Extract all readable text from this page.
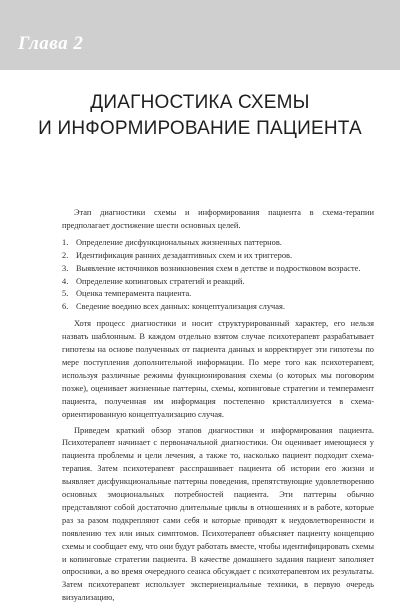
Глава 2
ДИАГНОСТИКА СХЕМЫ
И ИНФОРМИРОВАНИЕ ПАЦИЕНТА

Этап диагностики схемы и информирования пациента в схема-терапии предполагает достижение шести основных целей.

1. Определение дисфункциональных жизненных паттернов.
2. Идентификация ранних дезадаптивных схем и их триггеров.
3. Выявление источников возникновения схем в детстве и подростковом возрасте.
4. Определение копинговых стратегий и реакций.
5. Оценка темперамента пациента.
6. Сведение воедино всех данных: концептуализация случая.

Хотя процесс диагностики и носит структурированный характер, его нельзя назвать шаблонным. В каждом отдельно взятом случае психотерапевт разрабатывает гипотезы на основе полученных от пациента данных и корректирует эти гипотезы по мере поступления дополнительной информации. По мере того как психотерапевт, используя различные режимы функционирования схемы (о которых мы поговорим позже), оценивает жизненные паттерны, схемы, копинговые стратегии и темперамент пациента, полученная им информация постепенно кристаллизуется в схема-ориентированную концептуализацию случая.

Приведем краткий обзор этапов диагностики и информирования пациента. Психотерапевт начинает с первоначальной диагностики. Он оценивает имеющиеся у пациента проблемы и цели лечения, а также то, насколько пациент подходит схема-терапия. Затем психотерапевт расспрашивает пациента об истории его жизни и выявляет дисфункциональные паттерны поведения, препятствующие удовлетворению основных эмоциональных потребностей пациента. Эти паттерны обычно представляют собой достаточно длительные циклы в отношениях и в работе, которые раз за разом подкрепляют сами себя и которые приводят к неудовлетворенности и появлению тех или иных симптомов. Психотерапевт объясняет пациенту концепцию схемы и сообщает ему, что они будут работать вместе, чтобы идентифицировать схемы и копинговые стратегии пациента. В качестве домашнего задания пациент заполняет опросники, а во время очередного сеанса обсуждает с психотерапевтом их результаты. Затем психотерапевт использует экспериенциальные техники, в первую очередь визуализацию,
